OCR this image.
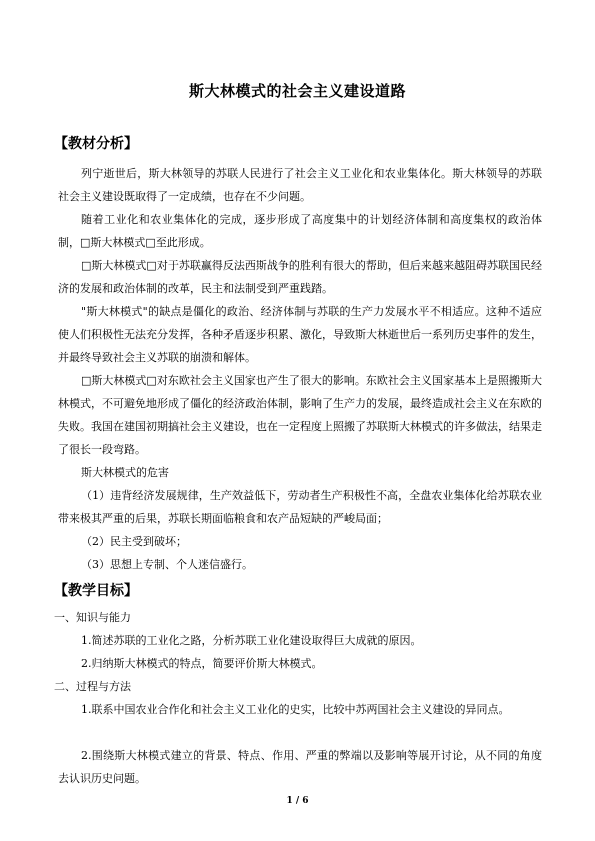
斯大林模式的社会主义建设道路
【教材分析】

列宁逝世后，斯大林领导的苏联人民进行了社会主义工业化和农业集体化。斯大林领导的苏联社会主义建设既取得了一定成绩，也存在不少问题。

随着工业化和农业集体化的完成，逐步形成了高度集中的计划经济体制和高度集权的政治体制，□斯大林模式□至此形成。

□斯大林模式□对于苏联赢得反法西斯战争的胜利有很大的帮助，但后来越来越阻碍苏联国民经济的发展和政治体制的改革，民主和法制受到严重践踏。

"斯大林模式"的缺点是僵化的政治、经济体制与苏联的生产力发展水平不相适应。这种不适应使人们积极性无法充分发挥，各种矛盾逐步积累、激化，导致斯大林逝世后一系列历史事件的发生，并最终导致社会主义苏联的崩溃和解体。

□斯大林模式□对东欧社会主义国家也产生了很大的影响。东欧社会主义国家基本上是照搬斯大林模式，不可避免地形成了僵化的经济政治体制，影响了生产力的发展，最终造成社会主义在东欧的失败。我国在建国初期搞社会主义建设，也在一定程度上照搬了苏联斯大林模式的许多做法，结果走了很长一段弯路。

斯大林模式的危害

（1）违背经济发展规律，生产效益低下，劳动者生产积极性不高，全盘农业集体化给苏联农业带来极其严重的后果，苏联长期面临粮食和农产品短缺的严峻局面；

（2）民主受到破坏；

（3）思想上专制、个人迷信盛行。

【教学目标】
一、知识与能力

1.简述苏联的工业化之路，分析苏联工业化建设取得巨大成就的原因。

2.归纳斯大林模式的特点，简要评价斯大林模式。

二、过程与方法

1.联系中国农业合作化和社会主义工业化的史实，比较中苏两国社会主义建设的异同点。

2.围绕斯大林模式建立的背景、特点、作用、严重的弊端以及影响等展开讨论，从不同的角度去认识历史问题。

1 / 6
